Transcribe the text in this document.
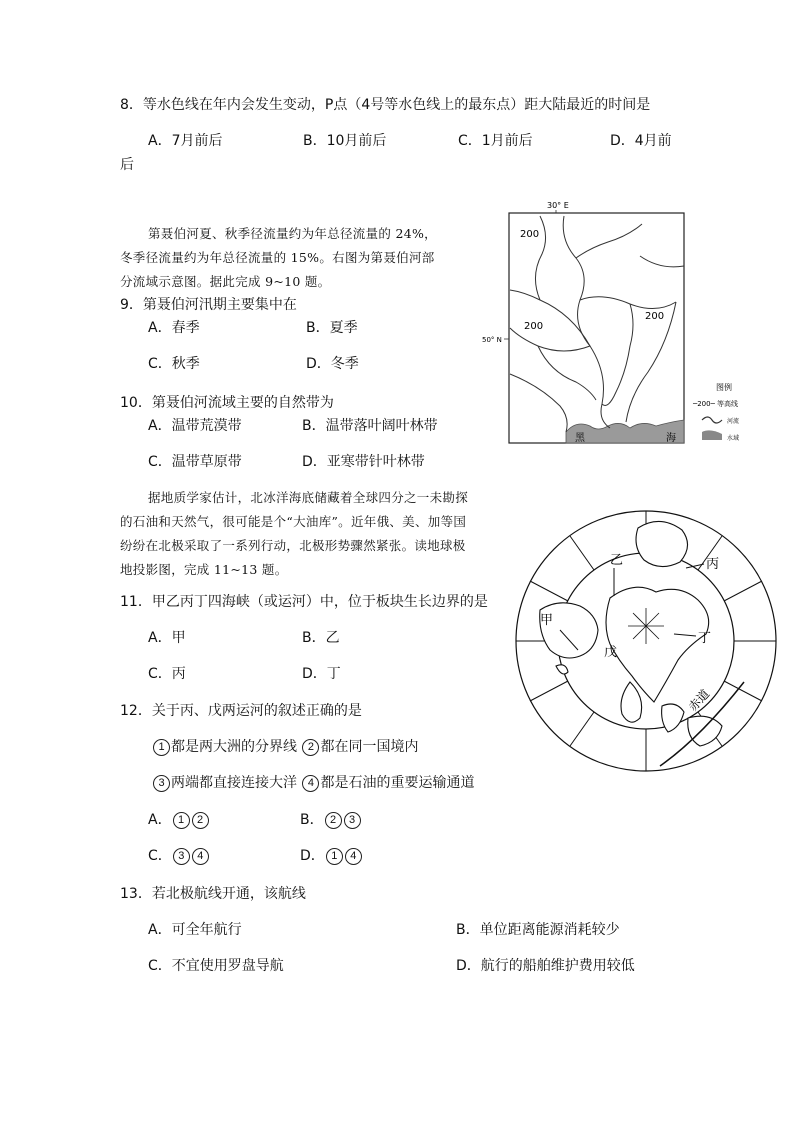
8．等水色线在年内会发生变动，P点（4号等水色线上的最东点）距大陆最近的时间是
A．7月前后	B．10月前后	C．1月前后	D．4月前
后
第聂伯河夏、秋季径流量约为年总径流量的 24%，
冬季径流量约为年总径流量的 15%。右图为第聂伯河部
分流域示意图。据此完成 9~10 题。
9．第聂伯河汛期主要集中在
A．春季	B．夏季
C．秋季	D．冬季
10．第聂伯河流域主要的自然带为
A．温带荒漠带	B．温带落叶阔叶林带
C．温带草原带	D．亚寒带针叶林带
30° E
50° N
黑	海
200
200
200
图例
─200─ 等高线
河流
水域
据地质学家估计，北冰洋海底储藏着全球四分之一未勘探
的石油和天然气，很可能是个“大油库”。近年俄、美、加等国
纷纷在北极采取了一系列行动，北极形势骤然紧张。读地球极
地投影图，完成 11~13 题。
甲
乙	丙
丁
戊
赤道
11．甲乙丙丁四海峡（或运河）中，位于板块生长边界的是
A．甲	B．乙
C．丙	D．丁
12．关于丙、戊两运河的叙述正确的是
1 都是两大洲的分界线 2 都在同一国境内
3 两端都直接连接大洋 4 都是石油的重要运输通道
A． 1 2	B． 2 3
C． 3 4	D． 1 4
13．若北极航线开通，该航线
A．可全年航行	B．单位距离能源消耗较少
C．不宜使用罗盘导航	D．航行的船舶维护费用较低
